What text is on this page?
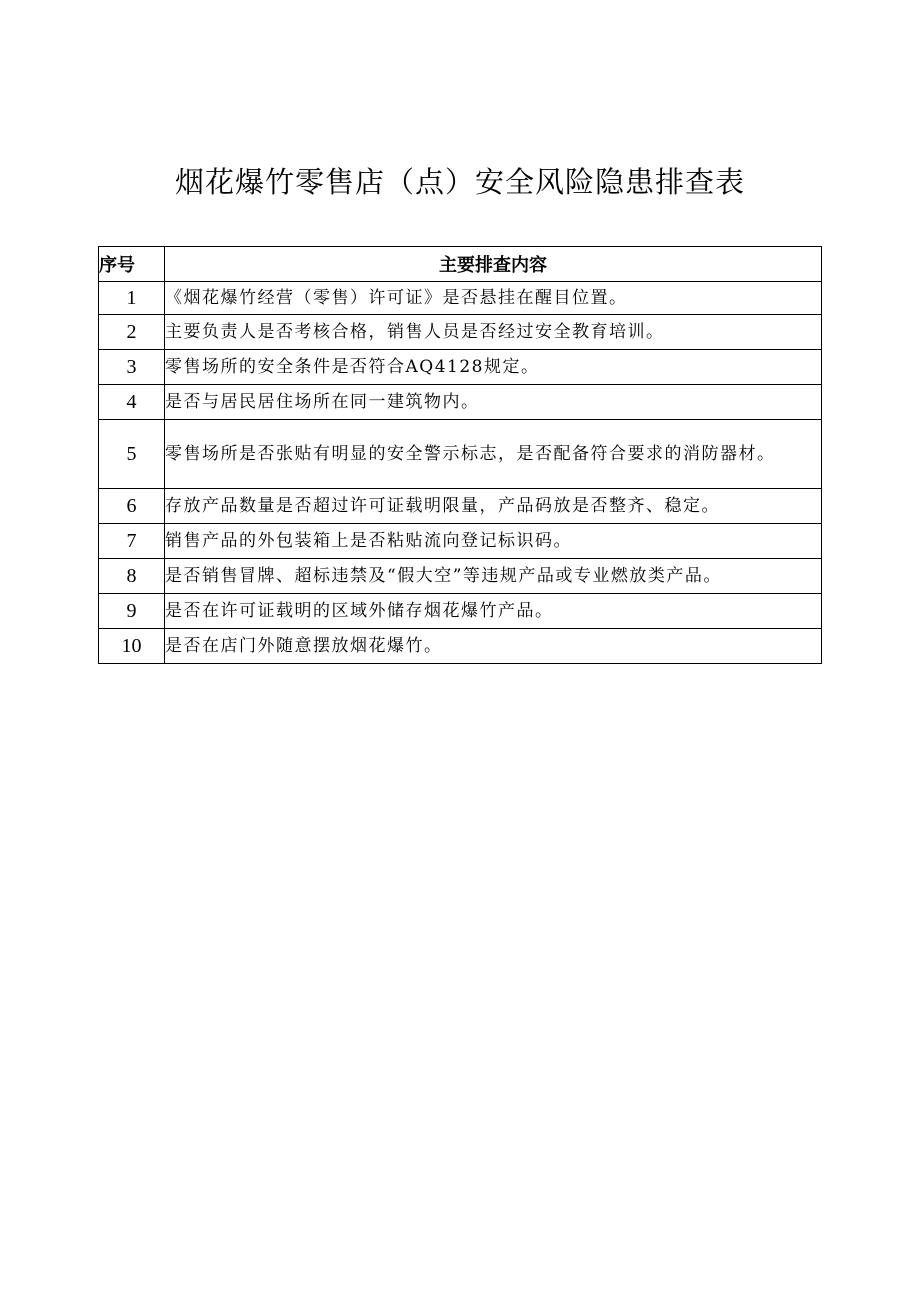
烟花爆竹零售店（点）安全风险隐患排查表
序号	主要排查内容
1	《烟花爆竹经营（零售）许可证》是否悬挂在醒目位置。
2	主要负责人是否考核合格，销售人员是否经过安全教育培训。
3	零售场所的安全条件是否符合AQ4128规定。
4	是否与居民居住场所在同一建筑物内。
5	零售场所是否张贴有明显的安全警示标志，是否配备符合要求的消防器材。
6	存放产品数量是否超过许可证载明限量，产品码放是否整齐、稳定。
7	销售产品的外包装箱上是否粘贴流向登记标识码。
8	是否销售冒牌、超标违禁及“假大空”等违规产品或专业燃放类产品。
9	是否在许可证载明的区域外储存烟花爆竹产品。
10	是否在店门外随意摆放烟花爆竹。
